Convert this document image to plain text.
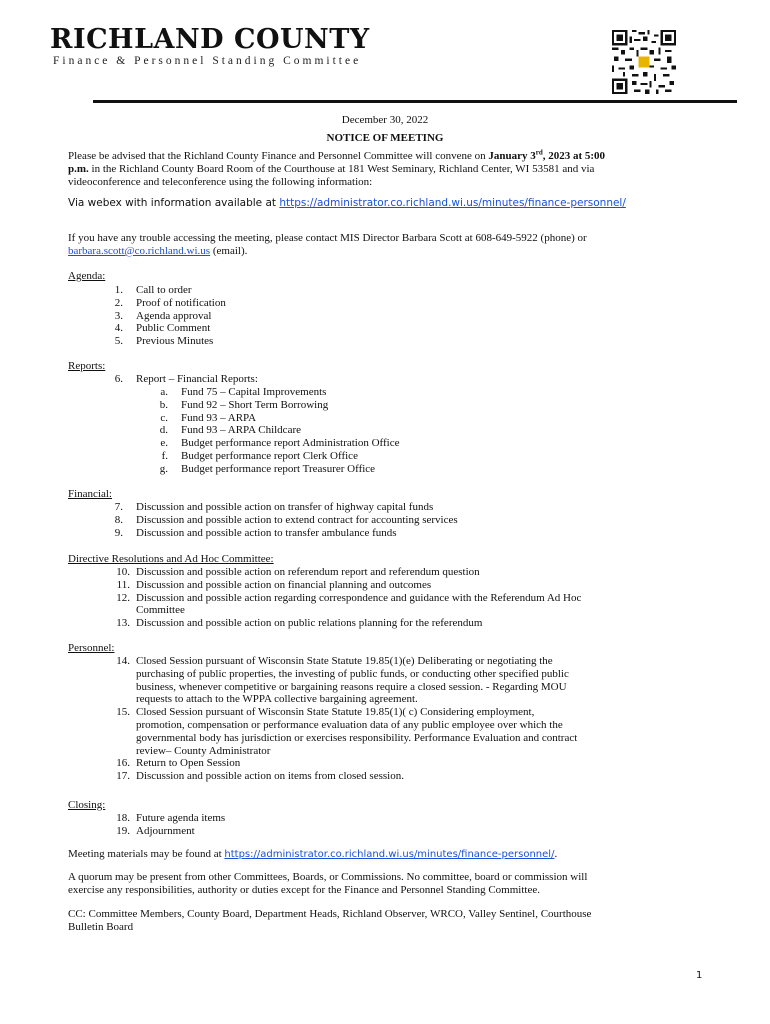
RICHLAND COUNTY
Finance & Personnel Standing Committee
December 30, 2022
NOTICE OF MEETING
Please be advised that the Richland County Finance and Personnel Committee will convene on January 3rd, 2023 at 5:00
p.m. in the Richland County Board Room of the Courthouse at 181 West Seminary, Richland Center, WI 53581 and via
videoconference and teleconference using the following information:
Via webex with information available at https://administrator.co.richland.wi.us/minutes/finance-personnel/
If you have any trouble accessing the meeting, please contact MIS Director Barbara Scott at 608-649-5922 (phone) or
barbara.scott@co.richland.wi.us (email).
Agenda:
1. Call to order
2. Proof of notification
3. Agenda approval
4. Public Comment
5. Previous Minutes
Reports:
6. Report – Financial Reports:
a. Fund 75 – Capital Improvements
b. Fund 92 – Short Term Borrowing
c. Fund 93 – ARPA
d. Fund 93 – ARPA Childcare
e. Budget performance report Administration Office
f. Budget performance report Clerk Office
g. Budget performance report Treasurer Office
Financial:
7. Discussion and possible action on transfer of highway capital funds
8. Discussion and possible action to extend contract for accounting services
9. Discussion and possible action to transfer ambulance funds
Directive Resolutions and Ad Hoc Committee:
10. Discussion and possible action on referendum report and referendum question
11. Discussion and possible action on financial planning and outcomes
12. Discussion and possible action regarding correspondence and guidance with the Referendum Ad Hoc
Committee
13. Discussion and possible action on public relations planning for the referendum
Personnel:
14. Closed Session pursuant of Wisconsin State Statute 19.85(1)(e) Deliberating or negotiating the
purchasing of public properties, the investing of public funds, or conducting other specified public
business, whenever competitive or bargaining reasons require a closed session. - Regarding MOU
requests to attach to the WPPA collective bargaining agreement.
15. Closed Session pursuant of Wisconsin State Statute 19.85(1)( c) Considering employment,
promotion, compensation or performance evaluation data of any public employee over which the
governmental body has jurisdiction or exercises responsibility. Performance Evaluation and contract
review– County Administrator
16. Return to Open Session
17. Discussion and possible action on items from closed session.
Closing:
18. Future agenda items
19. Adjournment
Meeting materials may be found at https://administrator.co.richland.wi.us/minutes/finance-personnel/.
A quorum may be present from other Committees, Boards, or Commissions. No committee, board or commission will
exercise any responsibilities, authority or duties except for the Finance and Personnel Standing Committee.
CC: Committee Members, County Board, Department Heads, Richland Observer, WRCO, Valley Sentinel, Courthouse
Bulletin Board
1
